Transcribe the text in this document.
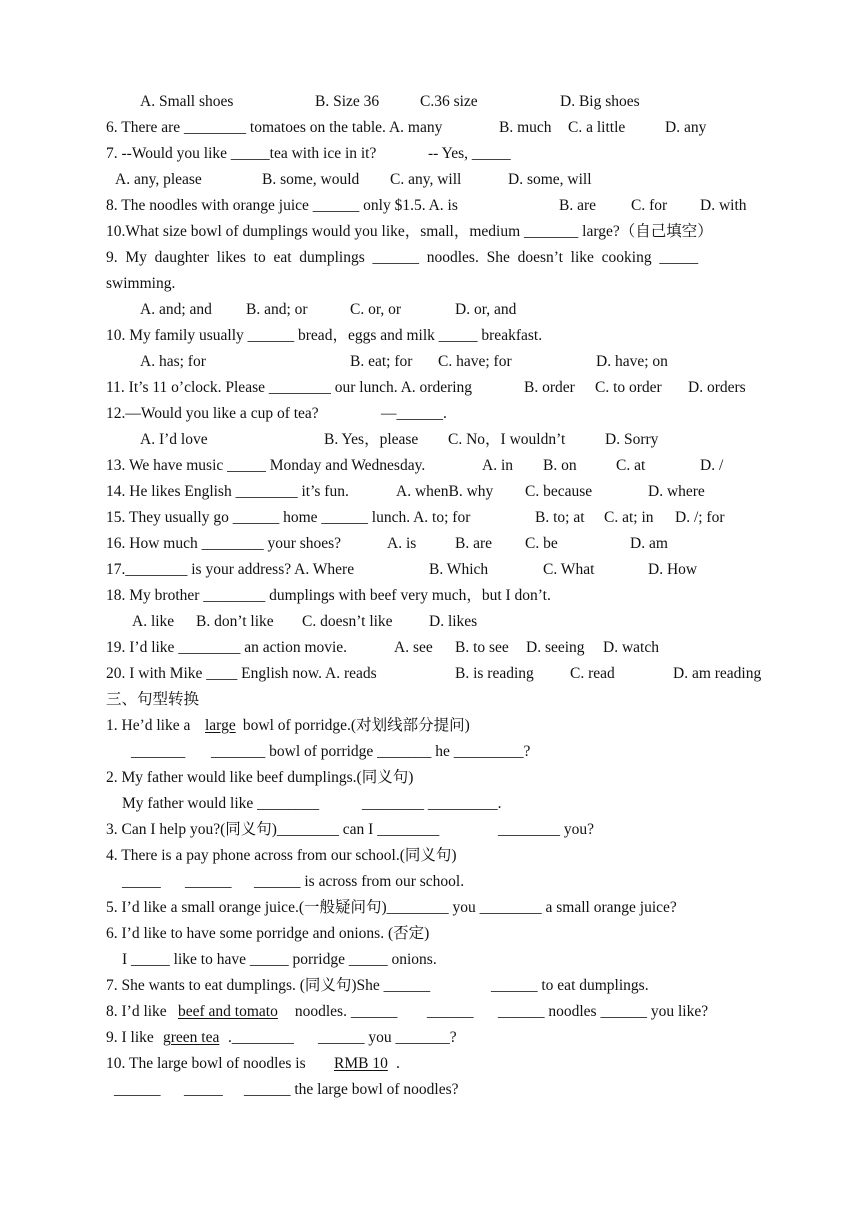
A. Small shoes	B. Size 36	C.36 size	D. Big shoes
6. There are ________ tomatoes on the table. A. many	B. much C. a little	D. any
7. --Would you like _____tea with ice in it?	-- Yes, _____
A. any, please	B. some, would C. any, will	D. some, will
8. The noodles with orange juice ______ only $1.5. A. is	B. are C. for D. with
10.What size bowl of dumplings would you like，small，medium _______ large?（自己填空）
9.  My  daughter  likes  to  eat  dumplings  ______  noodles.  She  doesn’t  like  cooking  _____
swimming.
A. and; and B. and; or	C. or, or	D. or, and
10. My family usually ______ bread，eggs and milk _____ breakfast.
A. has; for	B. eat; for C. have; for	D. have; on
11. It’s 11 o’clock. Please ________ our lunch. A. ordering	B. order C. to order D. orders
12.—Would you like a cup of tea?	—______.
A. I’d love	B. Yes，please C. No，I wouldn’t	D. Sorry
13. We have music _____ Monday and Wednesday.	A. in B. on	C. at	D. /
14. He likes English ________ it’s fun.	A. whenB. why C. because	D. where
15. They usually go ______ home ______ lunch. A. to; for	B. to; at C. at; in D. /; for
16. How much ________ your shoes?	A. is B. are C. be	D. am
17.________ is your address? A. Where	B. Which	C. What	D. How
18. My brother ________ dumplings with beef very much，but I don’t.
A. like B. don’t like C. doesn’t like D. likes
19. I’d like ________ an action movie.	A. see B. to see D. seeing D. watch
20. I with Mike ____ English now. A. reads	B. is reading C. read	D. am reading
三、句型转换
1. He’d like a large bowl of porridge.(对划线部分提问)
_______ _______ bowl of porridge _______ he _________?
2. My father would like beef dumplings.(同义句)
My father would like ________	________ _________.
3. Can I help you?(同义句)________ can I ________	________ you?
4. There is a pay phone across from our school.(同义句)
_____ ______ ______ is across from our school.
5. I’d like a small orange juice.(一般疑问句)________ you ________ a small orange juice?
6. I’d like to have some porridge and onions. (否定)
I _____ like to have _____ porridge _____ onions.
7. She wants to eat dumplings. (同义句)She ______	______ to eat dumplings.
8. I’d like beef and tomato noodles. ______ ______ ______ noodles ______ you like?
9. I like green tea .________ ______ you _______?
10. The large bowl of noodles is RMB 10 .
______ _____ ______ the large bowl of noodles?
